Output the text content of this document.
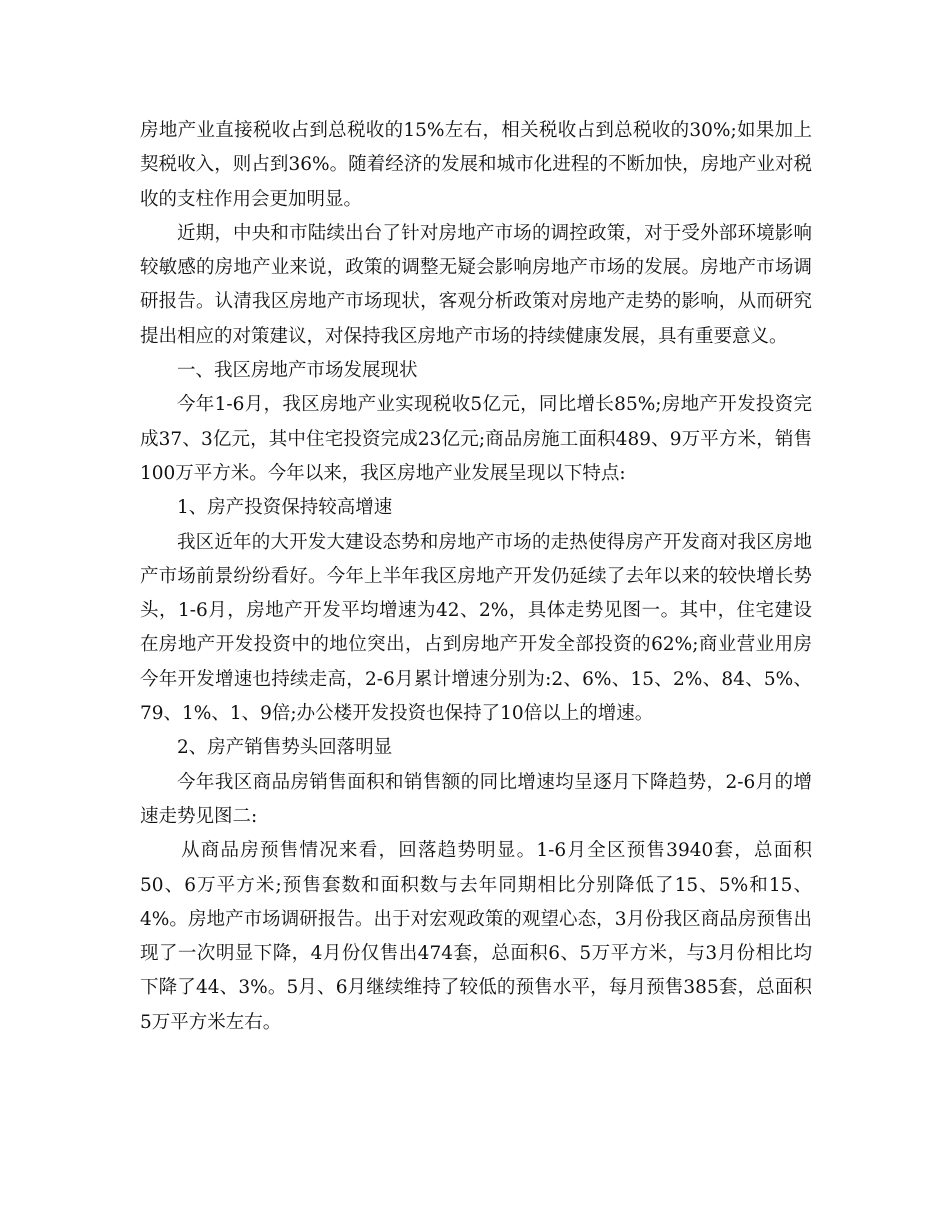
房地产业直接税收占到总税收的15%左右，相关税收占到总税收的30%;如果加上契税收入，则占到36%。随着经济的发展和城市化进程的不断加快，房地产业对税收的支柱作用会更加明显。

近期，中央和市陆续出台了针对房地产市场的调控政策，对于受外部环境影响较敏感的房地产业来说，政策的调整无疑会影响房地产市场的发展。房地产市场调研报告。认清我区房地产市场现状，客观分析政策对房地产走势的影响，从而研究提出相应的对策建议，对保持我区房地产市场的持续健康发展，具有重要意义。

一、我区房地产市场发展现状

今年1-6月，我区房地产业实现税收5亿元，同比增长85%;房地产开发投资完成37、3亿元，其中住宅投资完成23亿元;商品房施工面积489、9万平方米，销售100万平方米。今年以来，我区房地产业发展呈现以下特点:

1、房产投资保持较高增速

我区近年的大开发大建设态势和房地产市场的走热使得房产开发商对我区房地产市场前景纷纷看好。今年上半年我区房地产开发仍延续了去年以来的较快增长势头，1-6月，房地产开发平均增速为42、2%，具体走势见图一。其中，住宅建设在房地产开发投资中的地位突出，占到房地产开发全部投资的62%;商业营业用房今年开发增速也持续走高，2-6月累计增速分别为:2、6%、15、2%、84、5%、79、1%、1、9倍;办公楼开发投资也保持了10倍以上的增速。

2、房产销售势头回落明显

今年我区商品房销售面积和销售额的同比增速均呈逐月下降趋势，2-6月的增速走势见图二:

从商品房预售情况来看，回落趋势明显。1-6月全区预售3940套，总面积50、6万平方米;预售套数和面积数与去年同期相比分别降低了15、5%和15、4%。房地产市场调研报告。出于对宏观政策的观望心态，3月份我区商品房预售出现了一次明显下降，4月份仅售出474套，总面积6、5万平方米，与3月份相比均下降了44、3%。5月、6月继续维持了较低的预售水平，每月预售385套，总面积5万平方米左右。
